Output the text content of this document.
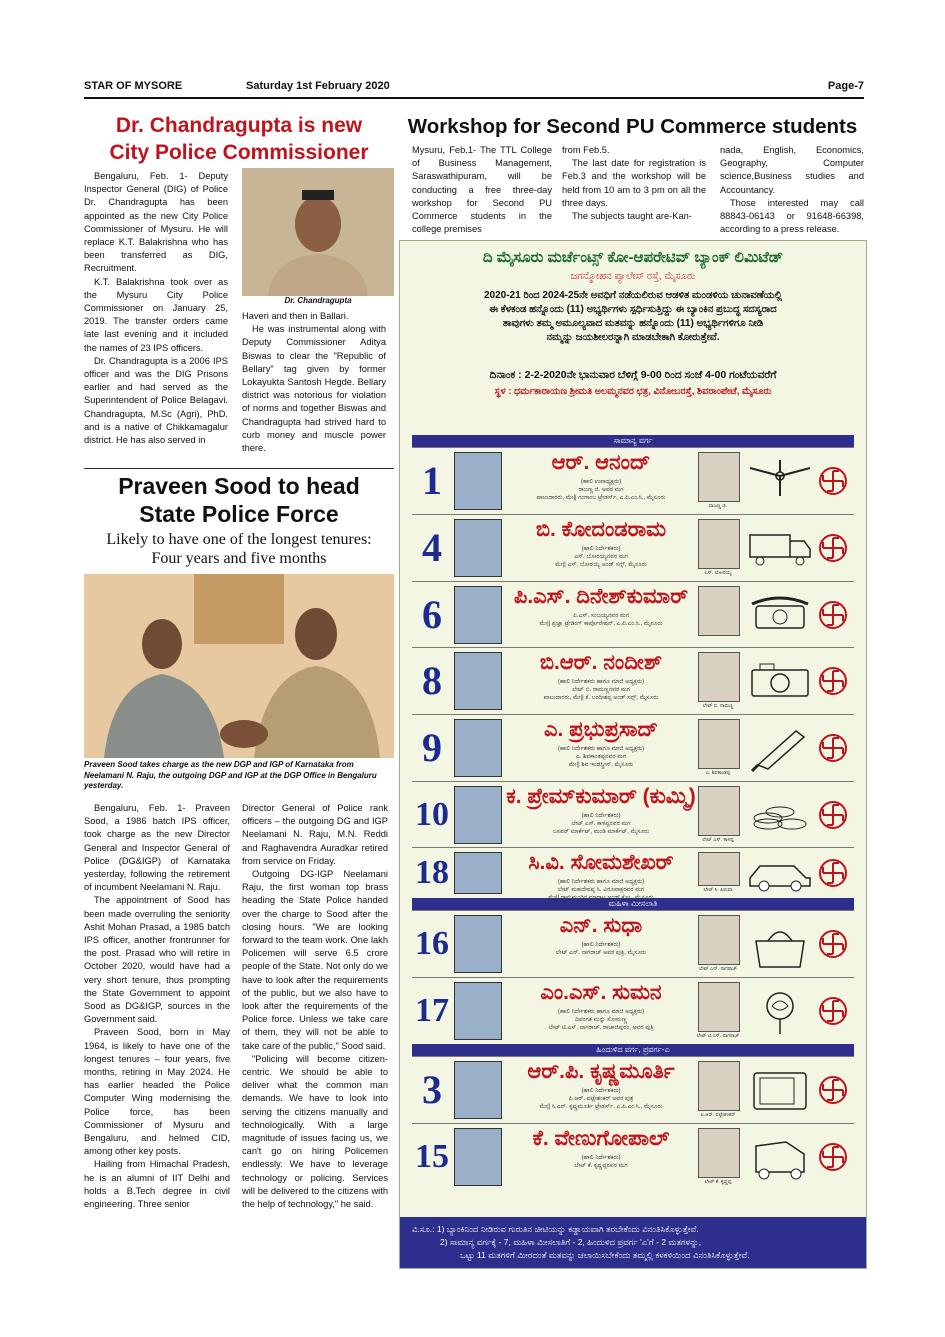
STAR OF MYSORE	Saturday 1st February 2020	Page-7
Dr. Chandragupta is new
City Police Commissioner

Bengaluru, Feb. 1- Deputy Inspector General (DIG) of Police Dr. Chandragupta has been appointed as the new City Police Commissioner of Mysuru. He will replace K.T. Balakrishna who has been transferred as DIG, Recruitment.

K.T. Balakrishna took over as the Mysuru City Police Commissioner on January 25, 2019. The transfer orders came late last evening and it included the names of 23 IPS officers.

Dr. Chandragupta is a 2006 IPS officer and was the DIG Prisons earlier and had served as the Superintendent of Police Belagavi. Chandragupta, M.Sc (Agri), PhD. and is a native of Chikkamagalur district. He has also served in

Dr. Chandragupta

Haveri and then in Ballari.

He was instrumental along with Deputy Commissioner Aditya Biswas to clear the "Republic of Bellary" tag given by former Lokayukta Santosh Hegde. Bellary district was notorious for violation of norms and together Biswas and Chandragupta had strived hard to curb money and muscle power there.

Praveen Sood to head
State Police Force
Likely to have one of the longest tenures:
Four years and five months
Praveen Sood takes charge as the new DGP and IGP of Karnataka from Neelamani N. Raju, the outgoing DGP and IGP at the DGP Office in Bengaluru yesterday.

Bengaluru, Feb. 1- Praveen Sood, a 1986 batch IPS officer, took charge as the new Director General and Inspector General of Police (DG&IGP) of Karnataka yesterday, following the retirement of incumbent Neelamani N. Raju.

The appointment of Sood has been made overruling the seniority Ashit Mohan Prasad, a 1985 batch IPS officer, another frontrunner for the post. Prasad who will retire in October 2020, would have had a very short tenure, thus prompting the State Government to appoint Sood as DG&IGP, sources in the Government said.

Praveen Sood, born in May 1964, is likely to have one of the longest tenures – four years, five months, retiring in May 2024. He has earlier headed the Police Computer Wing modernising the Police force, has been Commissioner of Mysuru and Bengaluru, and helmed CID, among other key posts.

Hailing from Himachal Pradesh, he is an alumni of IIT Delhi and holds a B.Tech degree in civil engineering. Three senior

Director General of Police rank officers – the outgoing DG and IGP Neelamani N. Raju, M.N. Reddi and Raghavendra Auradkar retired from service on Friday.

Outgoing DG-IGP Neelamani Raju, the first woman top brass heading the State Police handed over the charge to Sood after the closing hours. "We are looking forward to the team work. One lakh Policemen will serve 6.5 crore people of the State. Not only do we have to look after the requirements of the public, but we also have to look after the requirements of the Police force. Unless we take care of them, they will not be able to take care of the public," Sood said.

"Policing will become citizen-centric. We should be able to deliver what the common man demands. We have to look into serving the citizens manually and technologically. With a large magnitude of issues facing us, we can't go on hiring Policemen endlessly. We have to leverage technology or policing. Services will be delivered to the citizens with the help of technology," he said.

Workshop for Second PU Commerce students

Mysuru, Feb.1- The TTL College of Business Management, Saraswathipuram, will be conducting a free three-day workshop for Second PU Commerce students in the college premises

from Feb.5.

The last date for registration is Feb.3 and the workshop will be held from 10 am to 3 pm on all the three days.

The subjects taught are-Kan-

nada, English, Economics, Geography, Computer science,Business studies and Accountancy.

Those interested may call 88843-06143 or 91648-66398, according to a press release.

ದಿ ಮೈಸೂರು ಮರ್ಚೆಂಟ್ಸ್ ಕೋ-ಆಪರೇಟಿವ್ ಬ್ಯಾಂಕ್ ಲಿಮಿಟೆಡ್
ಜಗನ್ಮೋಹನ ಪ್ಯಾಲೇಸ್ ರಸ್ತೆ, ಮೈಸೂರು
2020-21 ರಿಂದ 2024-25ನೇ ಅವಧಿಗೆ ನಡೆಯಲಿರುವ ಆಡಳಿತ ಮಂಡಳಿಯ ಚುನಾವಣೆಯಲ್ಲಿ
ಈ ಕೆಳಕಂಡ ಹನ್ನೊಂದು (11) ಅಭ್ಯರ್ಥಿಗಳು ಸ್ಪರ್ಧಿಸುತ್ತಿದ್ದು ಈ ಬ್ಯಾಂಕಿನ ಪ್ರಬುದ್ಧ ಸದಸ್ಯರಾದ
ತಾವುಗಳು ತಮ್ಮ ಅಮೂಲ್ಯವಾದ ಮತವನ್ನು ಹನ್ನೊಂದು (11) ಅಭ್ಯರ್ಥಿಗಳಿಗೂ ನೀಡಿ
ನಮ್ಮನ್ನು ಜಯಶೀಲರನ್ನಾಗಿ ಮಾಡಬೇಕಾಗಿ ಕೋರುತ್ತೇವೆ.
ದಿನಾಂಕ : 2-2-2020ನೇ ಭಾನುವಾರ ಬೆಳಿಗ್ಗೆ 9-00 ರಿಂದ ಸಂಜೆ 4-00 ಗಂಟೆಯವರೆಗೆ
ಸ್ಥಳ : ಧರ್ಮಕಾರಾಯಣ ಶ್ರೀಮತಿ ಅಲಮ್ಮನವರ ಛತ್ರ, ವಿನೋಬರಸ್ತೆ, ಶಿವರಾಂಪೇಟೆ, ಮೈಸೂರು
ಸಾಮಾನ್ಯ ವರ್ಗ
ಮಹಿಳಾ ಮೀಸಲಾತಿ
ಹಿಂದುಳಿದ ವರ್ಗ, ಪ್ರವರ್ಗ-ಎ
1	ಆರ್. ಆನಂದ್
(ಹಾಲಿ ಉಪಾಧ್ಯಕ್ಷರು)
ರಾಜಣ್ಣ ಜಿ. ಅವರ ಮಗ
ಪಾಲುದಾರರು, ಮೇ|| ಗಂಗಾಂಬ ಟ್ರೇಡರ್ಸ್, ಎ.ಪಿ.ಎಂ.ಸಿ., ಮೈಸೂರು
ರಾಜಣ್ಣ ಜಿ.
4	ಬಿ. ಕೋದಂಡರಾಮ
(ಹಾಲಿ ನಿರ್ದೇಶಕರು)
ಎಸ್. ಬೋರಯ್ಯನವರ ಮಗ
ಮೇ|| ಎಸ್. ಬೋರಯ್ಯ ಅಂಡ್ ಸನ್ಸ್, ಮೈಸೂರು
ಎಸ್. ಬೋರಯ್ಯ
6	ಪಿ.ಎಸ್. ದಿನೇಶ್‌ಕುಮಾರ್
ಪಿ.ಎಸ್. ಸಂಜಯ್ಯನವರ ಮಗ
ಮೇ|| ಪ್ರಜ್ಞಾ ಟ್ರೇಡಿಂಗ್ ಕಾರ್ಪೊರೇಷನ್, ಎ.ಪಿ.ಎಂ.ಸಿ., ಮೈಸೂರು
8	ಬಿ.ಆರ್. ನಂದೀಶ್
(ಹಾಲಿ ನಿರ್ದೇಶಕರು ಹಾಗೂ ಮಾಜಿ ಅಧ್ಯಕ್ಷರು)
ಲೇಟ್ ಬಿ. ರಾಮಣ್ಣನವರ ಮಗ
ಪಾಲುದಾರರು, ಮೇ|| ಕೆ. ಬಂದೀಶಪ್ಪ ಅಂಡ್ ಸನ್ಸ್, ಮೈಸೂರು
ಲೇಟ್ ಬಿ. ರಾಮಣ್ಣ
9	ಎ. ಪ್ರಭುಪ್ರಸಾದ್
(ಹಾಲಿ ನಿರ್ದೇಶಕರು ಹಾಗೂ ಮಾಜಿ ಅಧ್ಯಕ್ಷರು)
ಎ. ಶಿವಕಾಂತಪ್ಪನವರ ಮಗ
ಮೇ|| ಶಿವ ಇಂಡಸ್ಟ್ರೀಸ್, ಮೈಸೂರು
ಎ. ಶಿವಕಾಂತಪ್ಪ
10	ಕ. ಪ್ರೇಮ್‌ಕುಮಾರ್ (ಕುಮ್ಮಿ)
(ಹಾಲಿ ನಿರ್ದೇಶಕರು)
ಲೇಟ್ ಎಸ್. ಕಾಳಪ್ಪನವರ ಮಗ
ಬಸವರ್ ಮಾರ್ಕೆಟ್, ಮಂಡಿ ಮಾರ್ಕೆಟ್, ಮೈಸೂರು
ಲೇಟ್ ಎಸ್. ಕಾಳಪ್ಪ
18	ಸಿ.ವಿ. ಸೋಮಶೇಖರ್
(ಹಾಲಿ ನಿರ್ದೇಶಕರು ಹಾಗೂ ಮಾಜಿ ಅಧ್ಯಕ್ಷರು)
ಲೇಟ್ ಮಹದೇವಪ್ಪ ಸಿ. ವಿರೂಪಾಕ್ಷರವರ ಮಗ
ಮೇ|| ರಾಮಮಂದಿರ ಮಾರಾಟ ಅಂಡ್ ಕೋ., ಮೈಸೂರು
ಲೇಟ್ ಸಿ. ಪಿರುಪಾ
16	ಎನ್. ಸುಧಾ
(ಹಾಲಿ ನಿರ್ದೇಶಕರು)
ಲೇಟ್ ಎನ್. ನಾಗರಾಜ್ ಅವರ ಪುತ್ರಿ, ಮೈಸೂರು
ಲೇಟ್ ಎನ್. ನಾಗರಾಜ್
17	ಎಂ.ಎಸ್. ಸುಮನ
(ಹಾಲಿ ನಿರ್ದೇಶಕರು ಹಾಗೂ ಮಾಜಿ ಅಧ್ಯಕ್ಷರು)
ದಿವಂಗತ ಮನ್ನು ಸೋಮಣ್ಣ
ಲೇಟ್ ಟಿ.ಎಸ್. ನಾಗರಾಜ್, ರಾಜಾಜಿಪುರಂ, ಅವರ ಪುತ್ರಿ
ಲೇಟ್ ಟಿ.ಎಸ್. ನಾಗರಾಜ್
3	ಆರ್.ಪಿ. ಕೃಷ್ಣಮೂರ್ತಿ
(ಹಾಲಿ ನಿರ್ದೇಶಕರು)
ಪಿ.ಆರ್. ಪಟ್ಟೇಶಂಕರ್ ಅವರ ಪುತ್ರ
ಮೇ|| ಸಿ.ಎನ್. ಕೃಷ್ಣಮೂರ್ತಿ ಟ್ರೇಡರ್ಸ್, ಎ.ಪಿ.ಎಂ.ಸಿ., ಮೈಸೂರು
ಪಿ.ಆರ್. ಪಟ್ಟೇಶಂಕರ್
15	ಕೆ. ವೇಣುಗೋಪಾಲ್
(ಹಾಲಿ ನಿರ್ದೇಶಕರು)
ಲೇಟ್ ಕೆ. ಕೃಷ್ಣಪ್ಪನವರ ಮಗ
ಲೇಟ್ ಕೆ. ಕೃಷ್ಣಪ್ಪ
ವಿ.ಸೂ.: 1) ಬ್ಯಾಂಕಿನಿಂದ ನೀಡಿರುವ ಗುರುತಿನ ಚೀಟಿಯನ್ನು ಕಡ್ಡಾಯವಾಗಿ ತರಬೇಕೆಂದು ವಿನಂತಿಸಿಕೊಳ್ಳುತ್ತೇವೆ.
2) ಸಾಮಾನ್ಯ ವರ್ಗಕ್ಕೆ - 7, ಮಹಿಳಾ ಮೀಸಲಾತಿಗೆ - 2, ಹಿಂದುಳಿದ ಪ್ರವರ್ಗ 'ಎ'ಗೆ - 2 ಮತಗಳನ್ನು,
ಒಟ್ಟು 11 ಮತಗಳಿಗೆ ಮೀರದಂತೆ ಮತವನ್ನು ಚಲಾಯಿಸಬೇಕೆಂದು ತಮ್ಮಲ್ಲಿ ಕಳಕಳಿಯಿಂದ ವಿನಂತಿಸಿಕೊಳ್ಳುತ್ತೇವೆ.
